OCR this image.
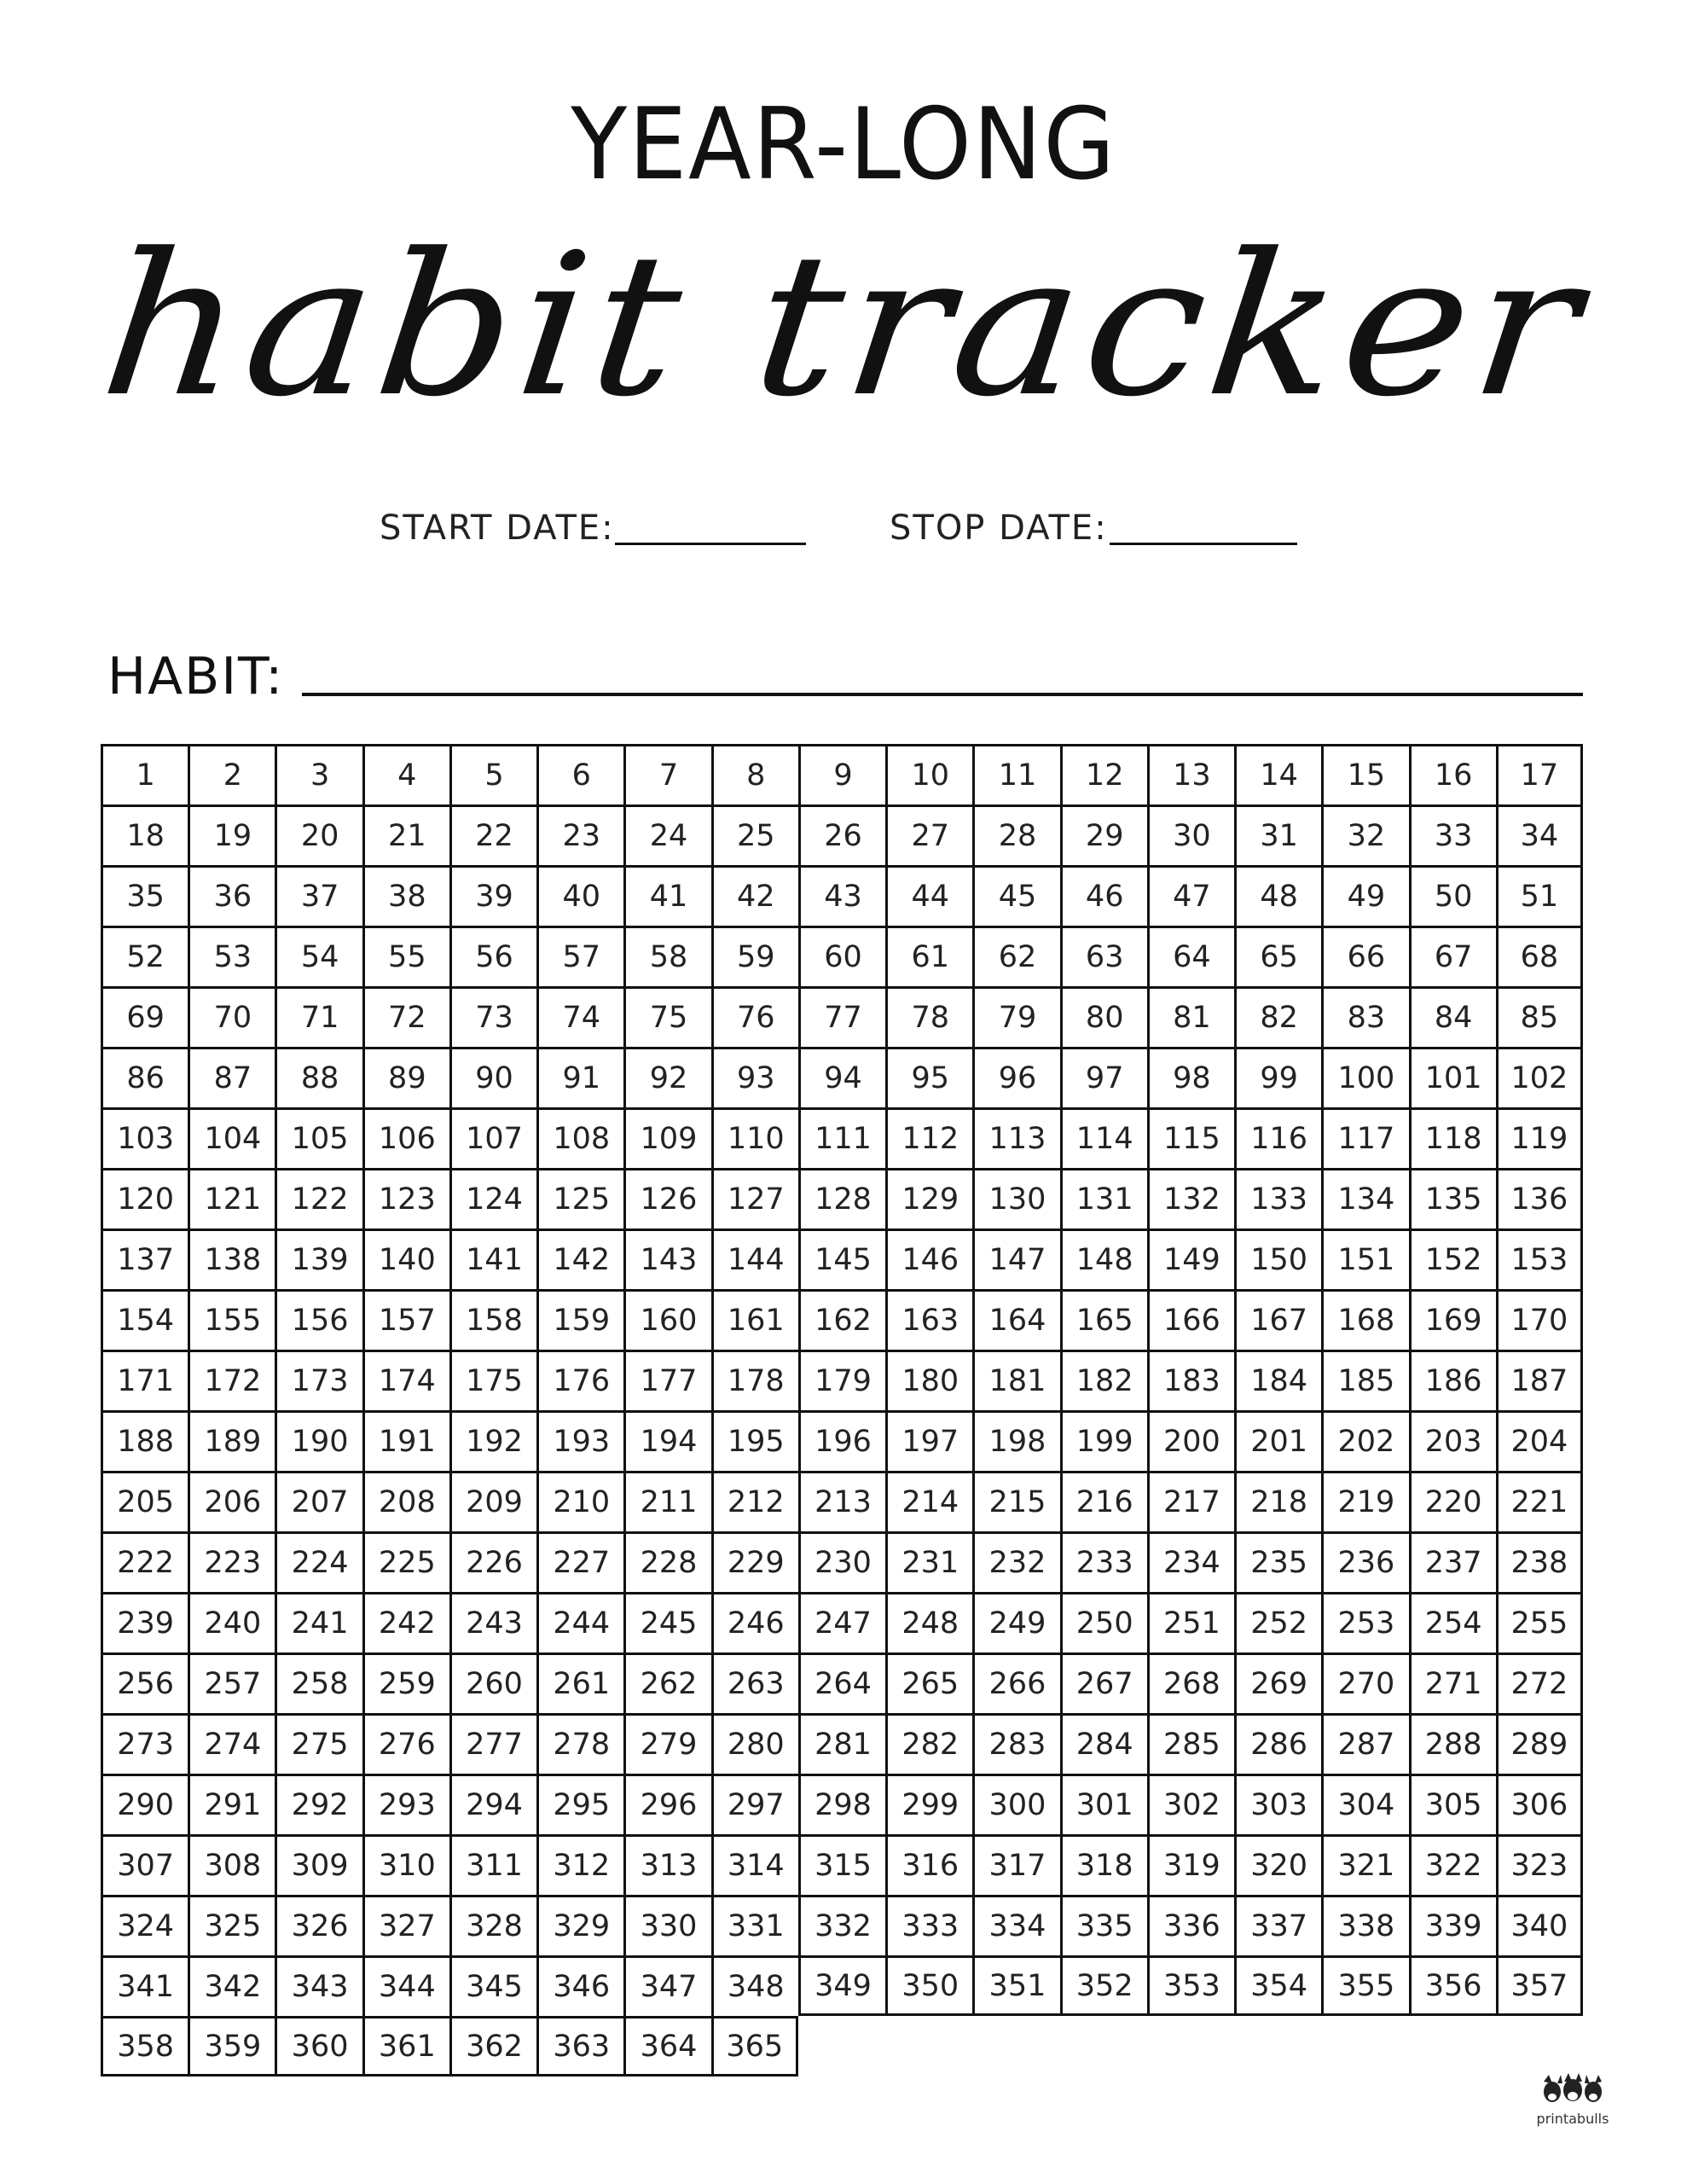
YEAR-LONG
habit tracker
START DATE:	STOP DATE:
HABIT:
1	2	3	4	5	6	7	8	9	10	11	12	13	14	15	16	17
18	19	20	21	22	23	24	25	26	27	28	29	30	31	32	33	34
35	36	37	38	39	40	41	42	43	44	45	46	47	48	49	50	51
52	53	54	55	56	57	58	59	60	61	62	63	64	65	66	67	68
69	70	71	72	73	74	75	76	77	78	79	80	81	82	83	84	85
86	87	88	89	90	91	92	93	94	95	96	97	98	99	100	101 102
103	104	105	106	107	108	109	110	111	112	113	114	115	116	117	118 119
120	121	122	123	124	125	126	127	128	129	130	131	132	133	134	135 136
137	138	139	140	141	142	143	144	145	146	147	148	149	150	151	152 153
154	155	156	157	158	159	160	161	162	163	164	165	166	167	168	169 170
171	172	173	174	175	176	177	178	179	180	181	182	183	184	185	186 187
188	189	190	191	192	193	194	195	196	197	198	199	200	201	202	203 204
205	206	207	208	209	210	211	212	213	214	215	216	217	218	219	220 221
222	223	224	225	226	227	228	229	230	231	232	233	234	235	236	237 238
239	240	241	242	243	244	245	246	247	248	249	250	251	252	253	254 255
256	257	258	259	260	261	262	263	264	265	266	267	268	269	270	271 272
273	274	275	276	277	278	279	280	281	282	283	284	285	286	287	288 289
290	291	292	293	294	295	296	297	298	299	300	301	302	303	304	305 306
307	308	309	310	311	312	313	314	315	316	317	318	319	320	321	322 323
324	325	326	327	328	329	330	331	332	333	334	335	336	337	338	339 340
341	342	343	344	345	346	347	348	349	350	351	352	353	354	355	356 357
358	359	360	361	362	363	364 365
printabulls
